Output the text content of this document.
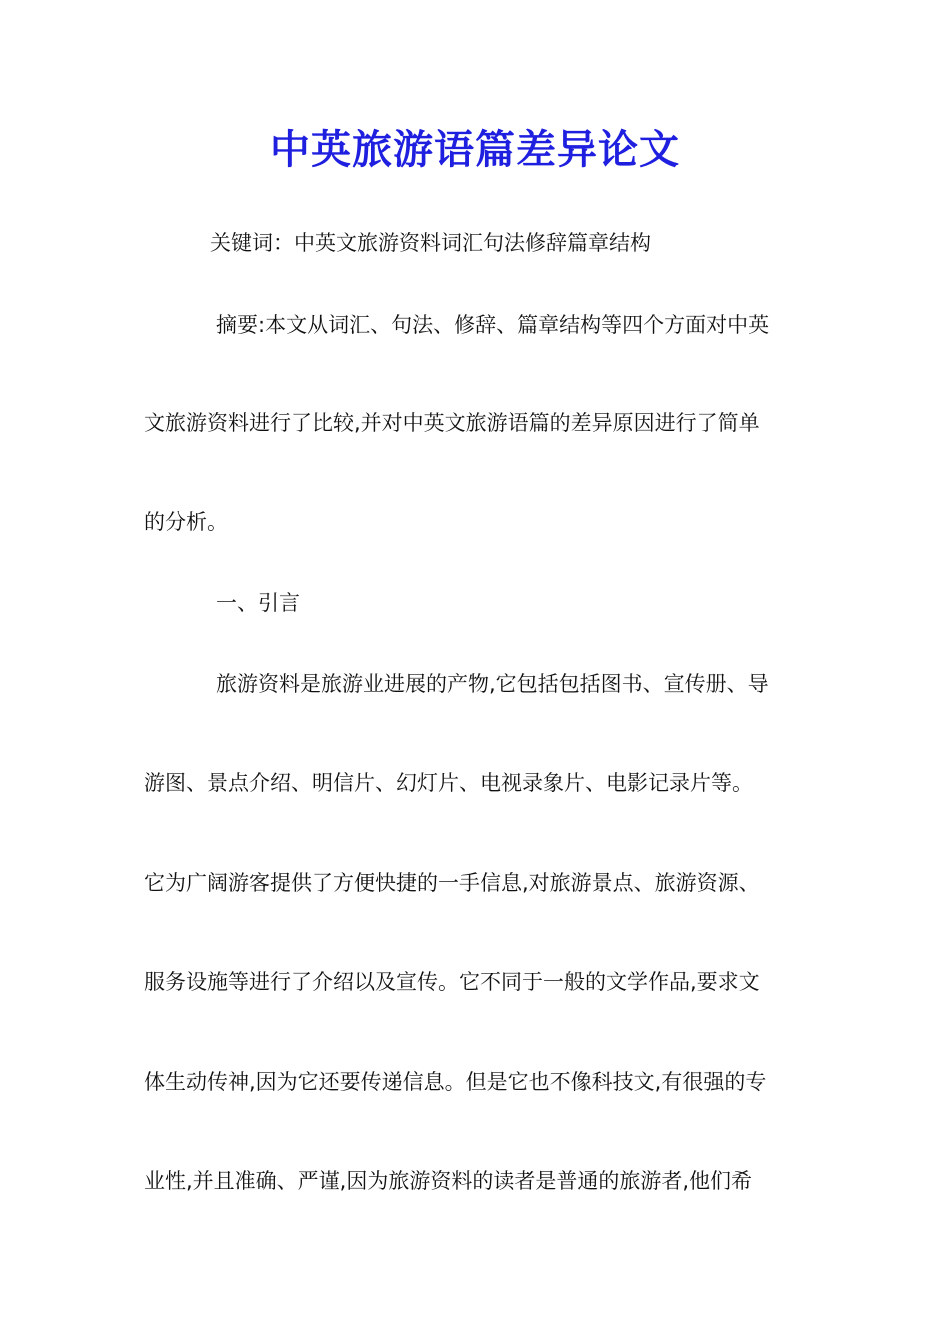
中英旅游语篇差异论文
关键词：中英文旅游资料词汇句法修辞篇章结构
摘要:本文从词汇、句法、修辞、篇章结构等四个方面对中英
文旅游资料进行了比较,并对中英文旅游语篇的差异原因进行了简单
的分析。
一、引言
旅游资料是旅游业进展的产物,它包括包括图书、宣传册、导
游图、景点介绍、明信片、幻灯片、电视录象片、电影记录片等。
它为广阔游客提供了方便快捷的一手信息,对旅游景点、旅游资源、
服务设施等进行了介绍以及宣传。它不同于一般的文学作品,要求文
体生动传神,因为它还要传递信息。但是它也不像科技文,有很强的专
业性,并且准确、严谨,因为旅游资料的读者是普通的旅游者,他们希
